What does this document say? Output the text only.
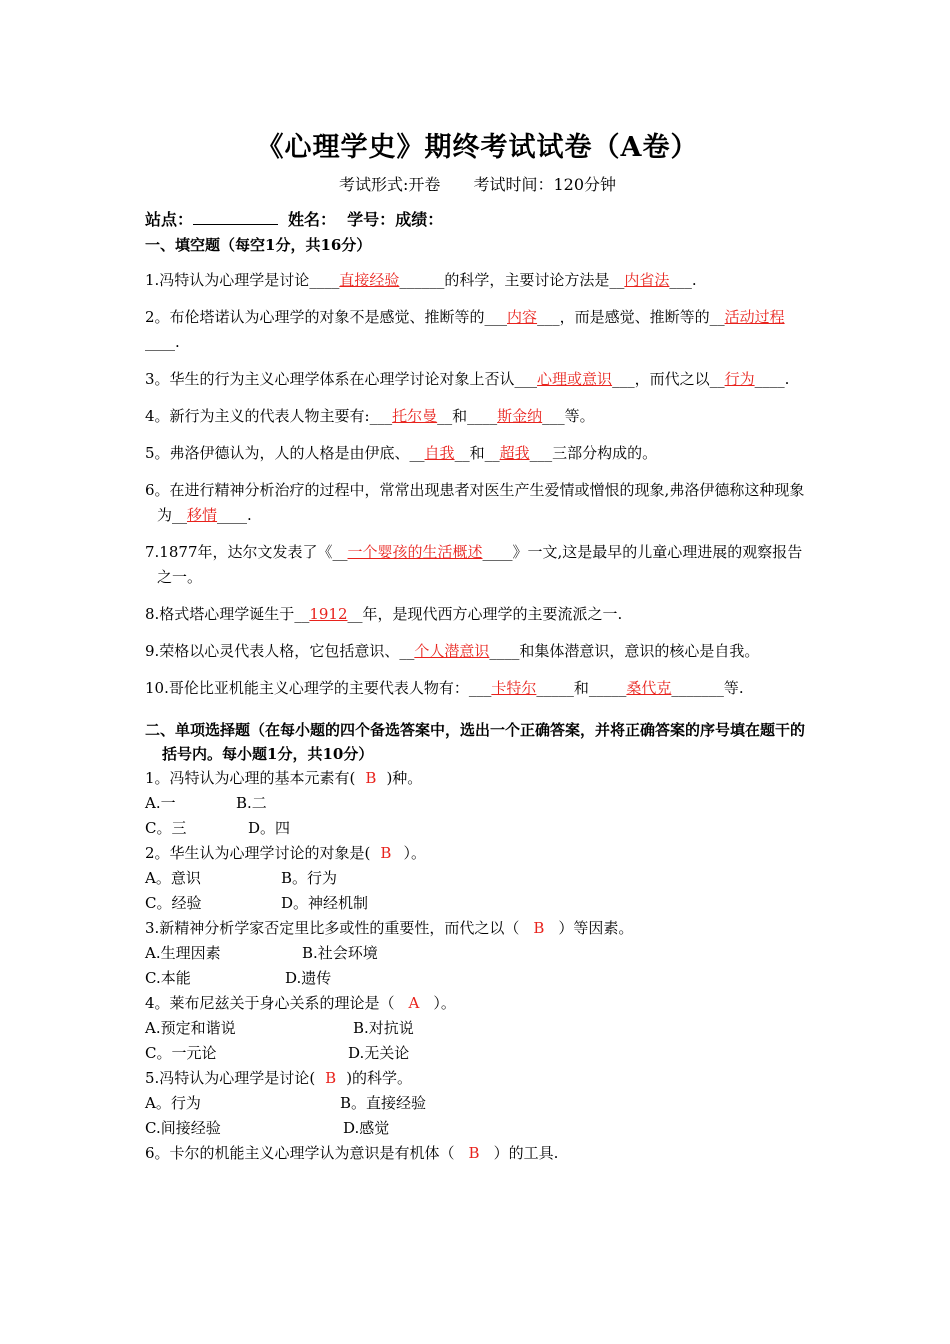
《心理学史》期终考试试卷（A卷）
考试形式:开卷 考试时间：120分钟
站点：	姓名： 学号：成绩：
一、填空题（每空1分，共16分）
1.冯特认为心理学是讨论____直接经验______的科学，主要讨论方法是__内省法___.
2。布伦塔诺认为心理学的对象不是感觉、推断等的___内容___，而是感觉、推断等的__活动过程____.
3。华生的行为主义心理学体系在心理学讨论对象上否认___心理或意识___，而代之以__行为____.
4。新行为主义的代表人物主要有:___托尔曼__和____斯金纳___等。
5。弗洛伊德认为，人的人格是由伊底、__自我__和__超我___三部分构成的。
6。在进行精神分析治疗的过程中，常常出现患者对医生产生爱情或憎恨的现象,弗洛伊德称这种现象为__移情____.
7.1877年，达尔文发表了《__一个婴孩的生活概述____》一文,这是最早的儿童心理进展的观察报告之一。
8.格式塔心理学诞生于__1912__年，是现代西方心理学的主要流派之一.
9.荣格以心灵代表人格，它包括意识、__个人潜意识____和集体潜意识，意识的核心是自我。
10.哥伦比亚机能主义心理学的主要代表人物有：___卡特尔_____和_____桑代克_______等.
二、单项选择题（在每小题的四个备选答案中，选出一个正确答案，并将正确答案的序号填在题干的括号内。每小题1分，共10分）
1。冯特认为心理的基本元素有( B )种。
A.一	B.二
C。三	D。四
2。华生认为心理学讨论的对象是( B ）。
A。意识	B。行为
C。经验	D。神经机制
3.新精神分析学家否定里比多或性的重要性，而代之以（ B ）等因素。
A.生理因素	B.社会环境
C.本能	D.遗传
4。莱布尼兹关于身心关系的理论是（ A ）。
A.预定和谐说	B.对抗说
C。一元论	D.无关论
5.冯特认为心理学是讨论( B )的科学。
A。行为	B。直接经验
C.间接经验	D.感觉
6。卡尔的机能主义心理学认为意识是有机体（ B ）的工具.
